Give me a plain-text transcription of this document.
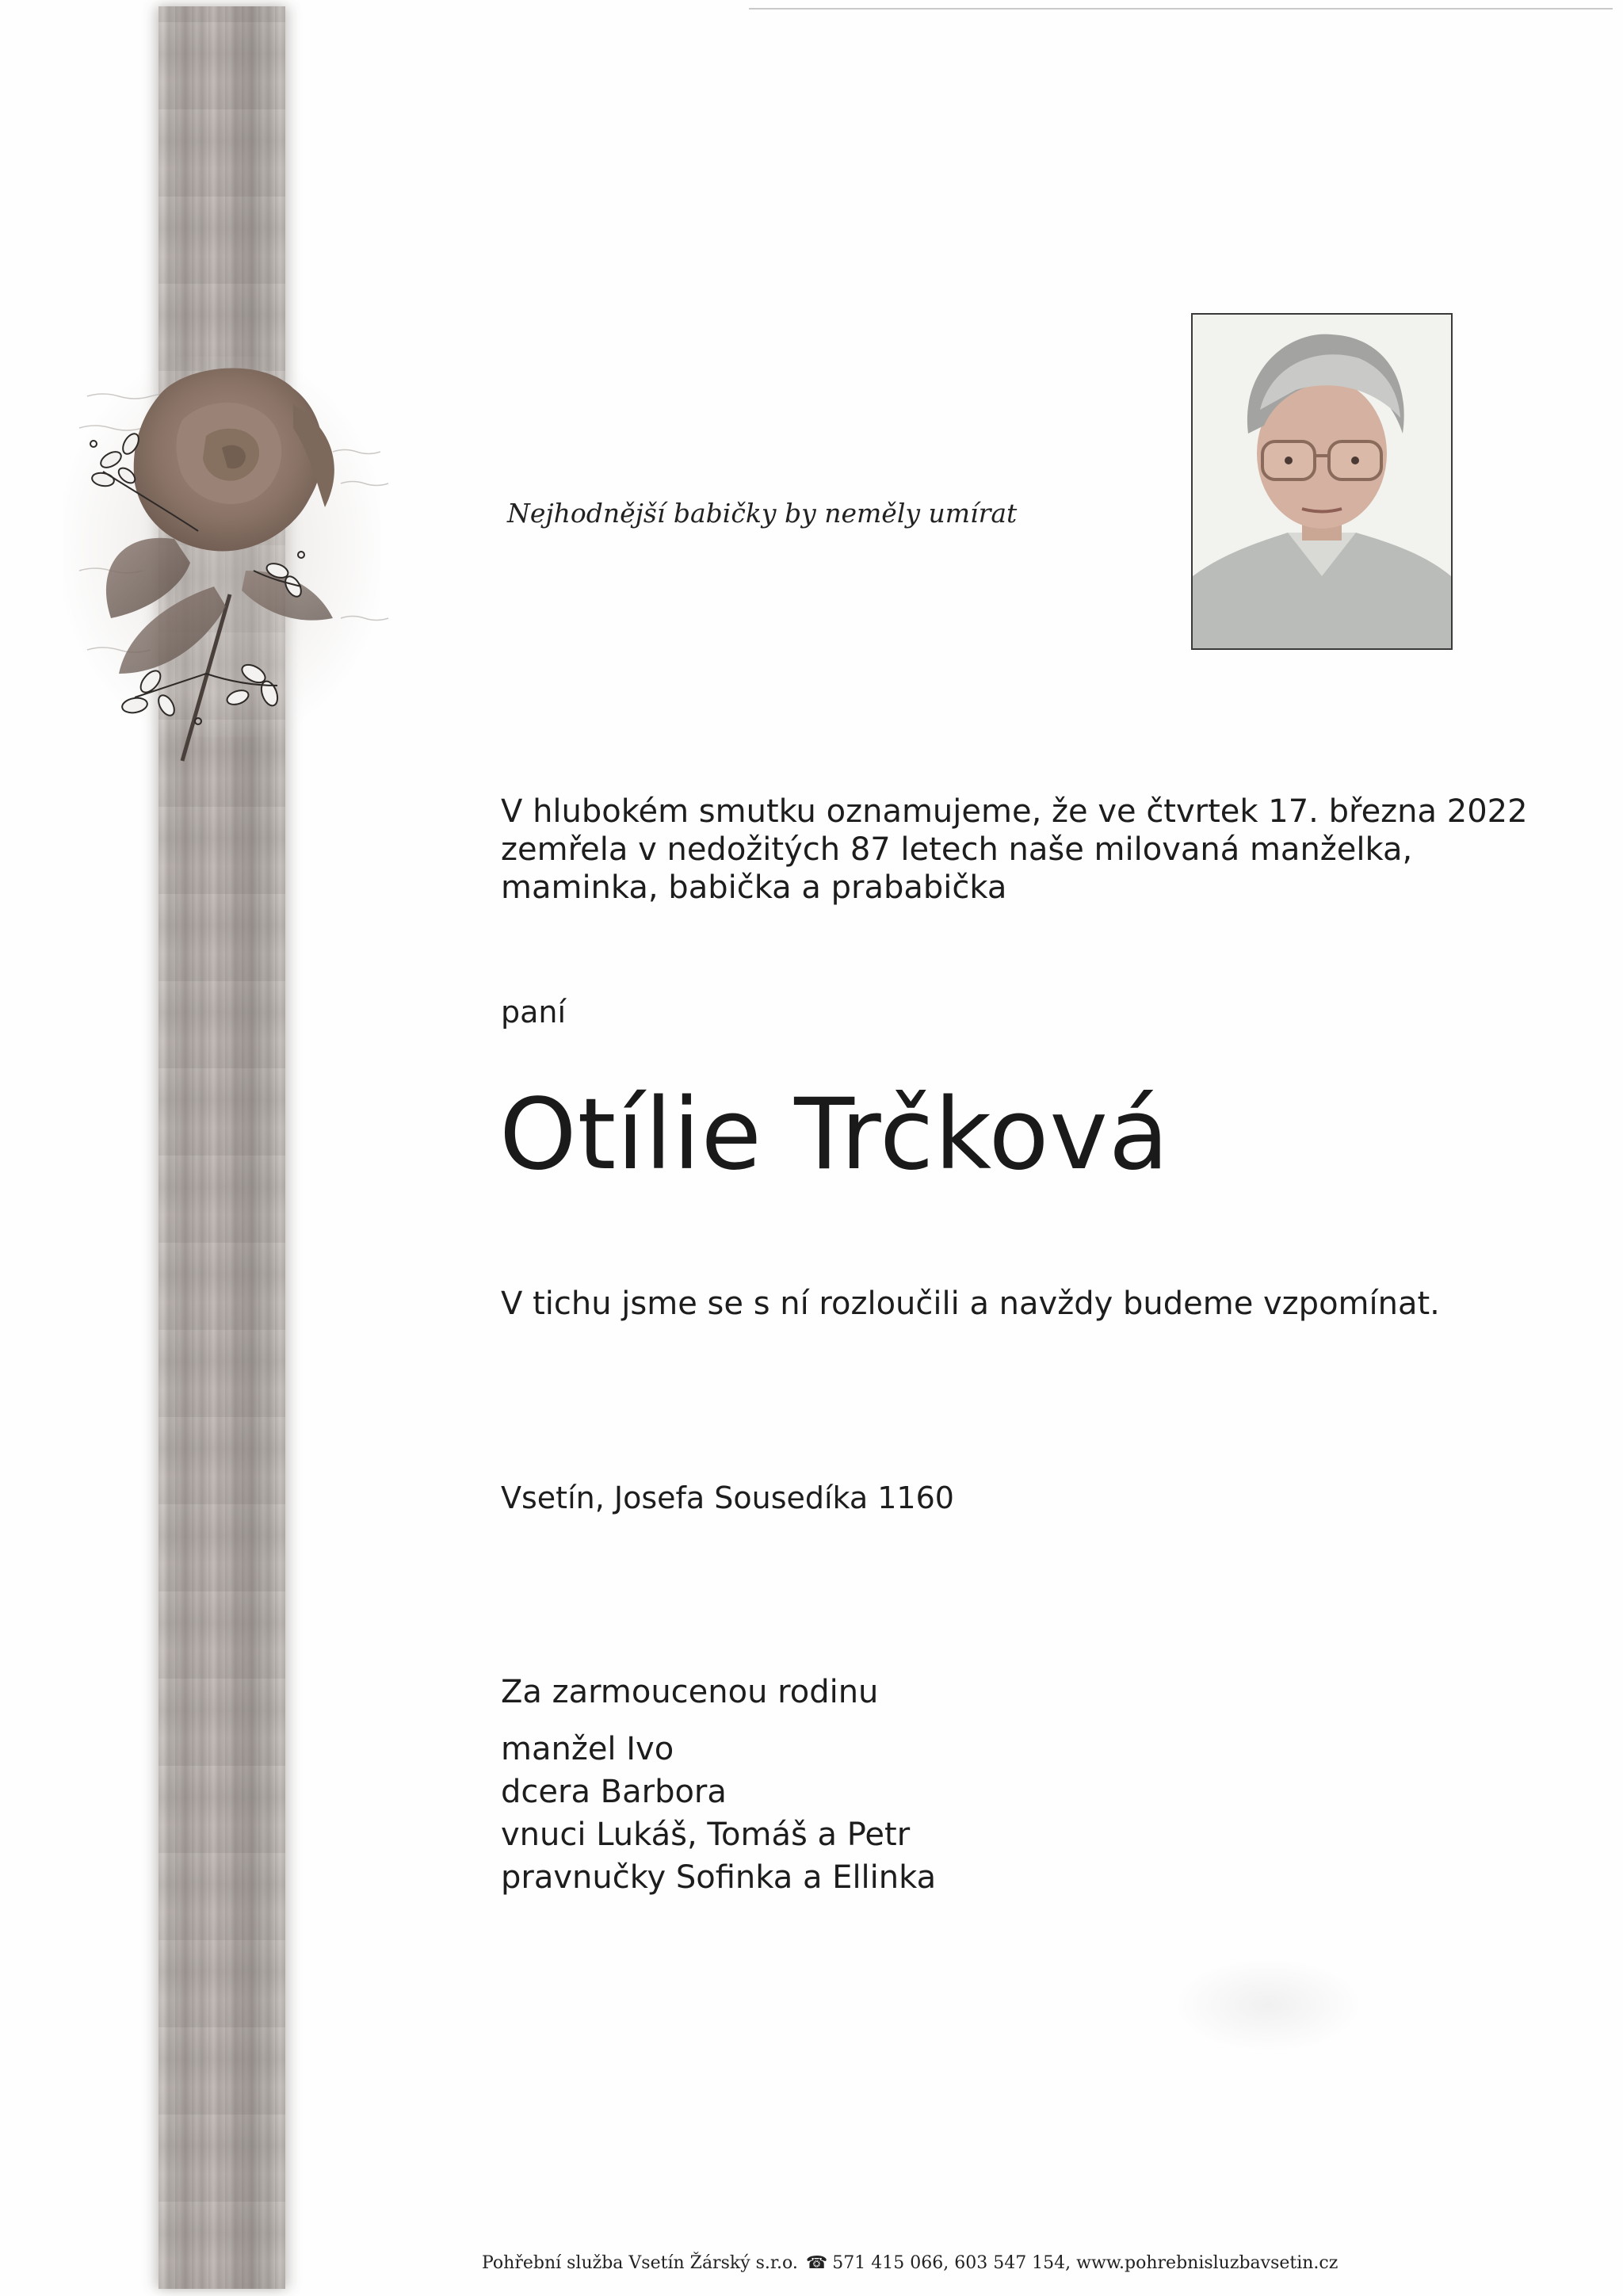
Nejhodnější babičky by neměly umírat
V hlubokém smutku oznamujeme, že ve čtvrtek 17. března 2022
zemřela v nedožitých 87 letech naše milovaná manželka,
maminka, babička a prababička
paní
Otílie Trčková
V tichu jsme se s ní rozloučili a navždy budeme vzpomínat.
Vsetín, Josefa Sousedíka 1160
Za zarmoucenou rodinu
manžel Ivo
dcera Barbora
vnuci Lukáš, Tomáš a Petr
pravnučky Sofinka a Ellinka
Pohřební služba Vsetín Žárský s.r.o. ☎ 571 415 066, 603 547 154, www.pohrebnisluzbavsetin.cz
